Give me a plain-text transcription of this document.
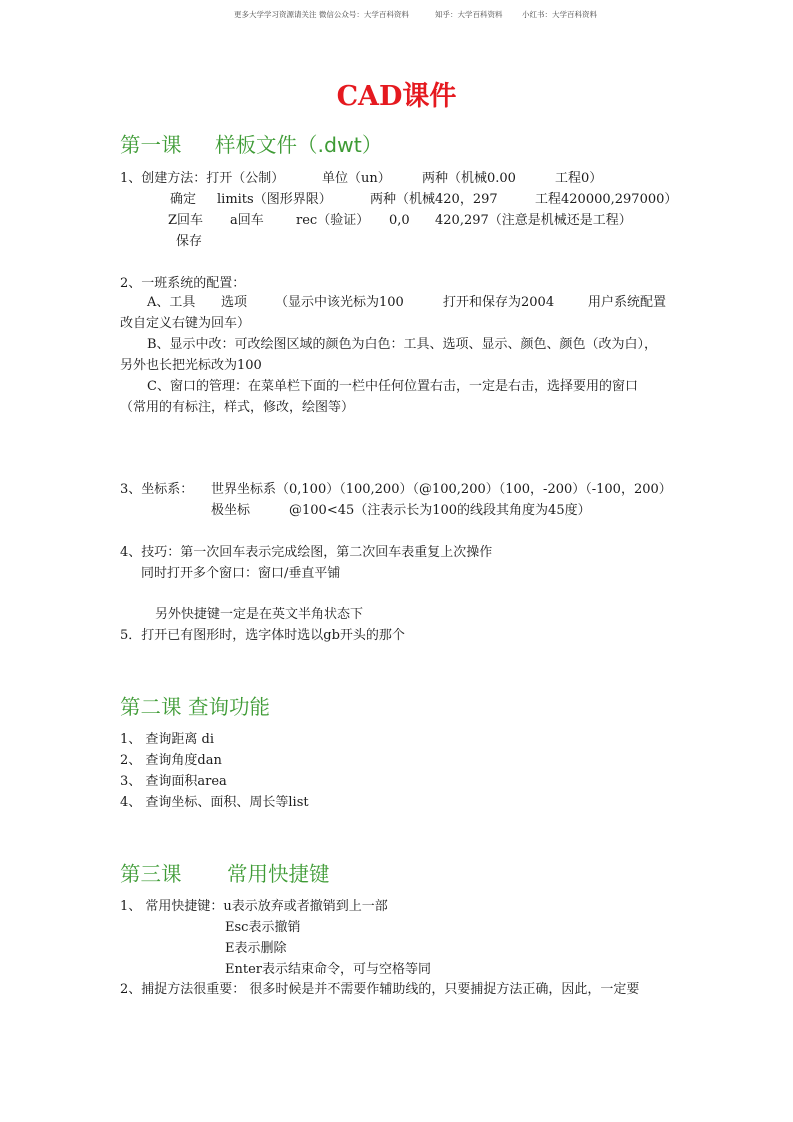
更多大学学习资源请关注 微信公众号：大学百科资料	知乎：大学百科资料	小红书：大学百科资料
CAD课件
第一课 样板文件（.dwt）
1、创建方法：打开（公制）	单位（un） 两种（机械0.00	工程0）
确定 limits（图形界限）	两种（机械420，297	工程420000,297000）
Z回车 a回车 rec（验证） 0,0 420,297（注意是机械还是工程）
保存
2、一班系统的配置：
A、工具 选项 （显示中该光标为100	打开和保存为2004	用户系统配置
改自定义右键为回车）
B、显示中改：可改绘图区域的颜色为白色：工具、选项、显示、颜色、颜色（改为白），
另外也长把光标改为100
C、窗口的管理：在菜单栏下面的一栏中任何位置右击，一定是右击，选择要用的窗口
（常用的有标注，样式，修改，绘图等）
3、坐标系： 世界坐标系（0,100）（100,200）（@100,200）（100，-200）（-100，200）
极坐标	@100<45（注表示长为100的线段其角度为45度）
4、技巧：第一次回车表示完成绘图，第二次回车表重复上次操作
同时打开多个窗口：窗口/垂直平铺
另外快捷键一定是在英文半角状态下
5．打开已有图形时，选字体时选以gb开头的那个
第二课 查询功能
1、 查询距离 di
2、 查询角度dan
3、 查询面积area
4、 查询坐标、面积、周长等list
第三课 常用快捷键
1、 常用快捷键：u表示放弃或者撤销到上一部
Esc表示撤销
E表示删除
Enter表示结束命令，可与空格等同
2、捕捉方法很重要： 很多时候是并不需要作辅助线的，只要捕捉方法正确，因此，一定要
